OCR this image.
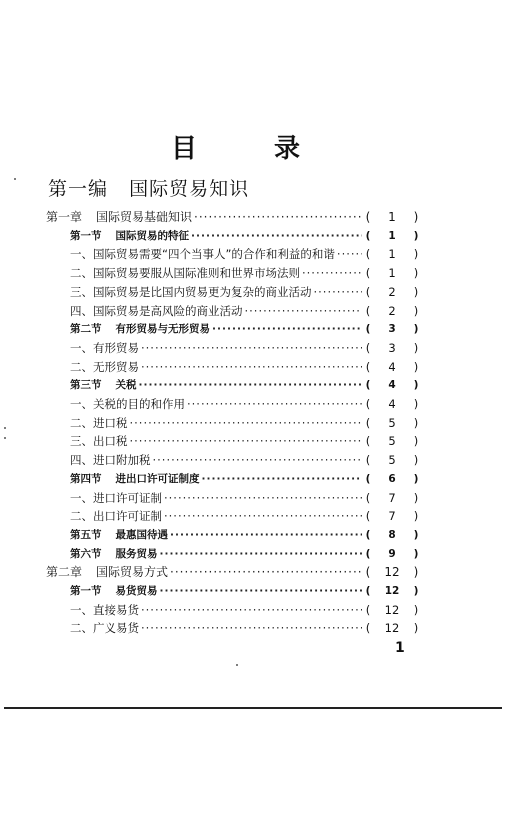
目 录
第一编 国际贸易知识
第一章 国际贸易基础知识 ·····	(	1	)
第一节 国际贸易的特征 ·····	(	1	)
一、国际贸易需要“四个当事人”的合作和利益的和谐 ·····	(	1	)
二、国际贸易要服从国际准则和世界市场法则 ·····	(	1	)
三、国际贸易是比国内贸易更为复杂的商业活动 ·····	(	2	)
四、国际贸易是高风险的商业活动 ·····	(	2	)
第二节 有形贸易与无形贸易 ·····	(	3	)
一、有形贸易 ·····	(	3	)
二、无形贸易 ·····	(	4	)
第三节 关税 ·····	(	4	)
一、关税的目的和作用 ·····	(	4	)
二、进口税 ·····	(	5	)
三、出口税 ·····	(	5	)
四、进口附加税 ·····	(	5	)
第四节 进出口许可证制度 ·····	(	6	)
一、进口许可证制 ·····	(	7	)
二、出口许可证制 ·····	(	7	)
第五节 最惠国待遇 ·····	(	8	)
第六节 服务贸易 ·····	(	9	)
第二章 国际贸易方式 ·····	(	12	)
第一节 易货贸易 ·····	(	12	)
一、直接易货 ·····	(	12	)
二、广义易货 ·····	(	12	)
1
